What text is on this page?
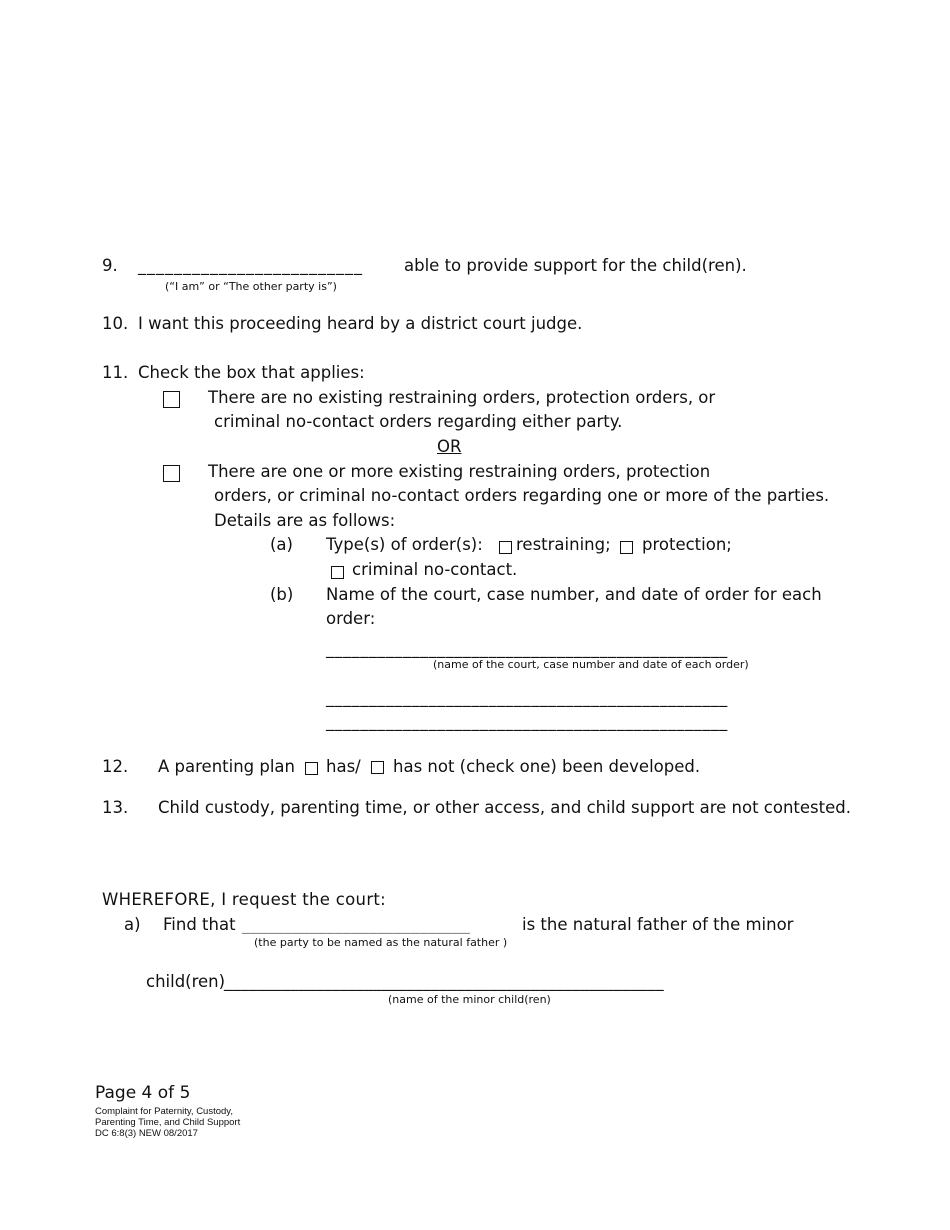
9. _________________________ able to provide support for the child(ren).
(“I am” or “The other party is”)
10. I want this proceeding heard by a district court judge.
11. Check the box that applies:
There are no existing restraining orders, protection orders, or
criminal no-contact orders regarding either party.
OR
There are one or more existing restraining orders, protection
orders, or criminal no-contact orders regarding one or more of the parties.
Details are as follows:
(a) Type(s) of order(s): restraining; protection;
criminal no-contact.
(b) Name of the court, case number, and date of order for each
order:
_______________________________________________
(name of the court, case number and date of each order)
_______________________________________________
_______________________________________________
12. A parenting plan has/ has not (check one) been developed.
13. Child custody, parenting time, or other access, and child support are not contested.
WHEREFORE, I request the court:
a) Find that ___________________________	is the natural father of the minor
(the party to be named as the natural father )
child(ren)
_____________________________________________________
(name of the minor child(ren)
Page 4 of 5
Complaint for Paternity, Custody,
Parenting Time, and Child Support
DC 6:8(3) NEW 08/2017
